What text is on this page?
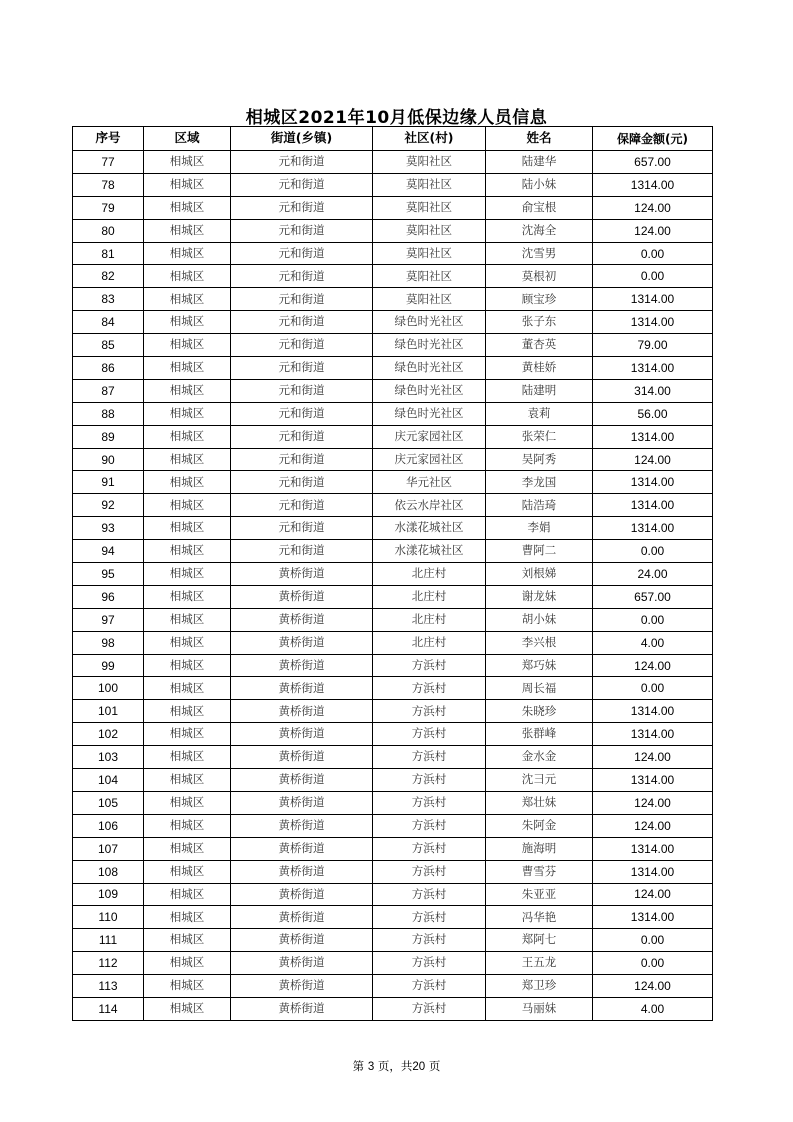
相城区2021年10月低保边缘人员信息
序号	区域	街道(乡镇)	社区(村)	姓名	保障金额(元)
77	相城区	元和街道	莫阳社区	陆建华	657.00
78	相城区	元和街道	莫阳社区	陆小妹	1314.00
79	相城区	元和街道	莫阳社区	俞宝根	124.00
80	相城区	元和街道	莫阳社区	沈海全	124.00
81	相城区	元和街道	莫阳社区	沈雪男	0.00
82	相城区	元和街道	莫阳社区	莫根初	0.00
83	相城区	元和街道	莫阳社区	顾宝珍	1314.00
84	相城区	元和街道	绿色时光社区	张子东	1314.00
85	相城区	元和街道	绿色时光社区	董杏英	79.00
86	相城区	元和街道	绿色时光社区	黄桂娇	1314.00
87	相城区	元和街道	绿色时光社区	陆建明	314.00
88	相城区	元和街道	绿色时光社区	袁莉	56.00
89	相城区	元和街道	庆元家园社区	张荣仁	1314.00
90	相城区	元和街道	庆元家园社区	吴阿秀	124.00
91	相城区	元和街道	华元社区	李龙国	1314.00
92	相城区	元和街道	依云水岸社区	陆浩琦	1314.00
93	相城区	元和街道	水漾花城社区	李娟	1314.00
94	相城区	元和街道	水漾花城社区	曹阿二	0.00
95	相城区	黄桥街道	北庄村	刘根娣	24.00
96	相城区	黄桥街道	北庄村	谢龙妹	657.00
97	相城区	黄桥街道	北庄村	胡小妹	0.00
98	相城区	黄桥街道	北庄村	李兴根	4.00
99	相城区	黄桥街道	方浜村	郑巧妹	124.00
100	相城区	黄桥街道	方浜村	周长福	0.00
101	相城区	黄桥街道	方浜村	朱晓珍	1314.00
102	相城区	黄桥街道	方浜村	张群峰	1314.00
103	相城区	黄桥街道	方浜村	金水金	124.00
104	相城区	黄桥街道	方浜村	沈彐元	1314.00
105	相城区	黄桥街道	方浜村	郑壮妹	124.00
106	相城区	黄桥街道	方浜村	朱阿金	124.00
107	相城区	黄桥街道	方浜村	施海明	1314.00
108	相城区	黄桥街道	方浜村	曹雪芬	1314.00
109	相城区	黄桥街道	方浜村	朱亚亚	124.00
110	相城区	黄桥街道	方浜村	冯华艳	1314.00
111	相城区	黄桥街道	方浜村	郑阿七	0.00
112	相城区	黄桥街道	方浜村	王五龙	0.00
113	相城区	黄桥街道	方浜村	郑卫珍	124.00
114	相城区	黄桥街道	方浜村	马丽妹	4.00
第 3 页，共20 页
